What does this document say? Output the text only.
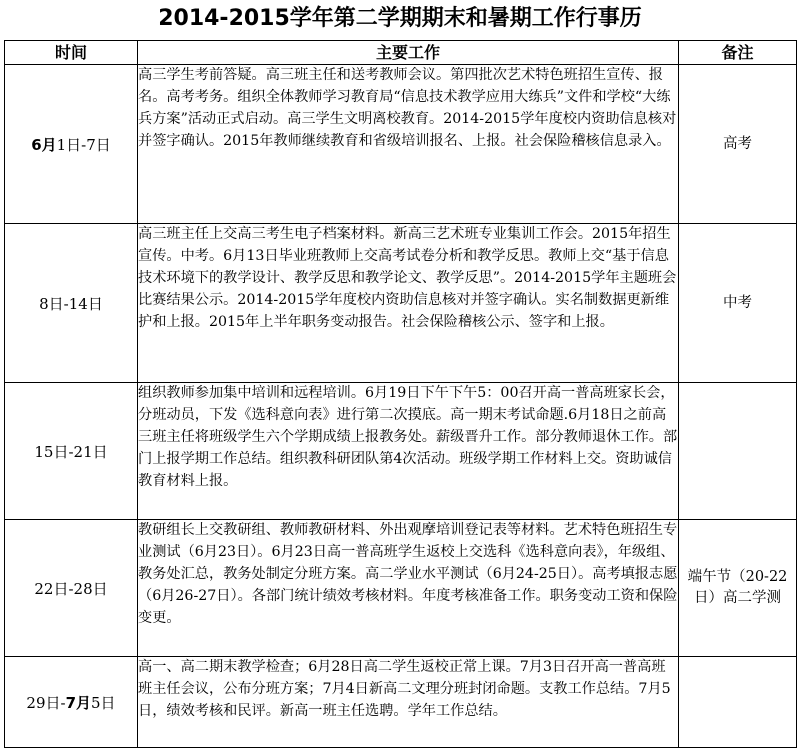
2014-2015学年第二学期期末和暑期工作行事历
时间	主要工作	备注
6月1日-7日	高三学生考前答疑。高三班主任和送考教师会议。第四批次艺术特色班招生宣传、报名。高考考务。组织全体教师学习教育局“信息技术教学应用大练兵”文件和学校“大练兵方案”活动正式启动。高三学生文明离校教育。2014-2015学年度校内资助信息核对并签字确认。2015年教师继续教育和省级培训报名、上报。社会保险稽核信息录入。	高考
8日-14日	高三班主任上交高三考生电子档案材料。新高三艺术班专业集训工作会。2015年招生宣传。中考。6月13日毕业班教师上交高考试卷分析和教学反思。教师上交“基于信息技术环境下的教学设计、教学反思和教学论文、教学反思”。2014-2015学年主题班会比赛结果公示。2014-2015学年度校内资助信息核对并签字确认。实名制数据更新维护和上报。2015年上半年职务变动报告。社会保险稽核公示、签字和上报。	中考
15日-21日	组织教师参加集中培训和远程培训。6月19日下午下午5：00召开高一普高班家长会，分班动员，下发《选科意向表》进行第二次摸底。高一期末考试命题.6月18日之前高三班主任将班级学生六个学期成绩上报教务处。薪级晋升工作。部分教师退休工作。部门上报学期工作总结。组织教科研团队第4次活动。班级学期工作材料上交。资助诚信教育材料上报。	
22日-28日	教研组长上交教研组、教师教研材料、外出观摩培训登记表等材料。艺术特色班招生专业测试（6月23日）。6月23日高一普高班学生返校上交选科《选科意向表》，年级组、教务处汇总，教务处制定分班方案。高二学业水平测试（6月24-25日）。高考填报志愿（6月26-27日）。各部门统计绩效考核材料。年度考核准备工作。职务变动工资和保险变更。	端午节（20-22日）高二学测
29日-7月5日	高一、高二期末教学检查；6月28日高二学生返校正常上课。7月3日召开高一普高班班主任会议，公布分班方案；7月4日新高二文理分班封闭命题。支教工作总结。7月5日，绩效考核和民评。新高一班主任选聘。学年工作总结。	
